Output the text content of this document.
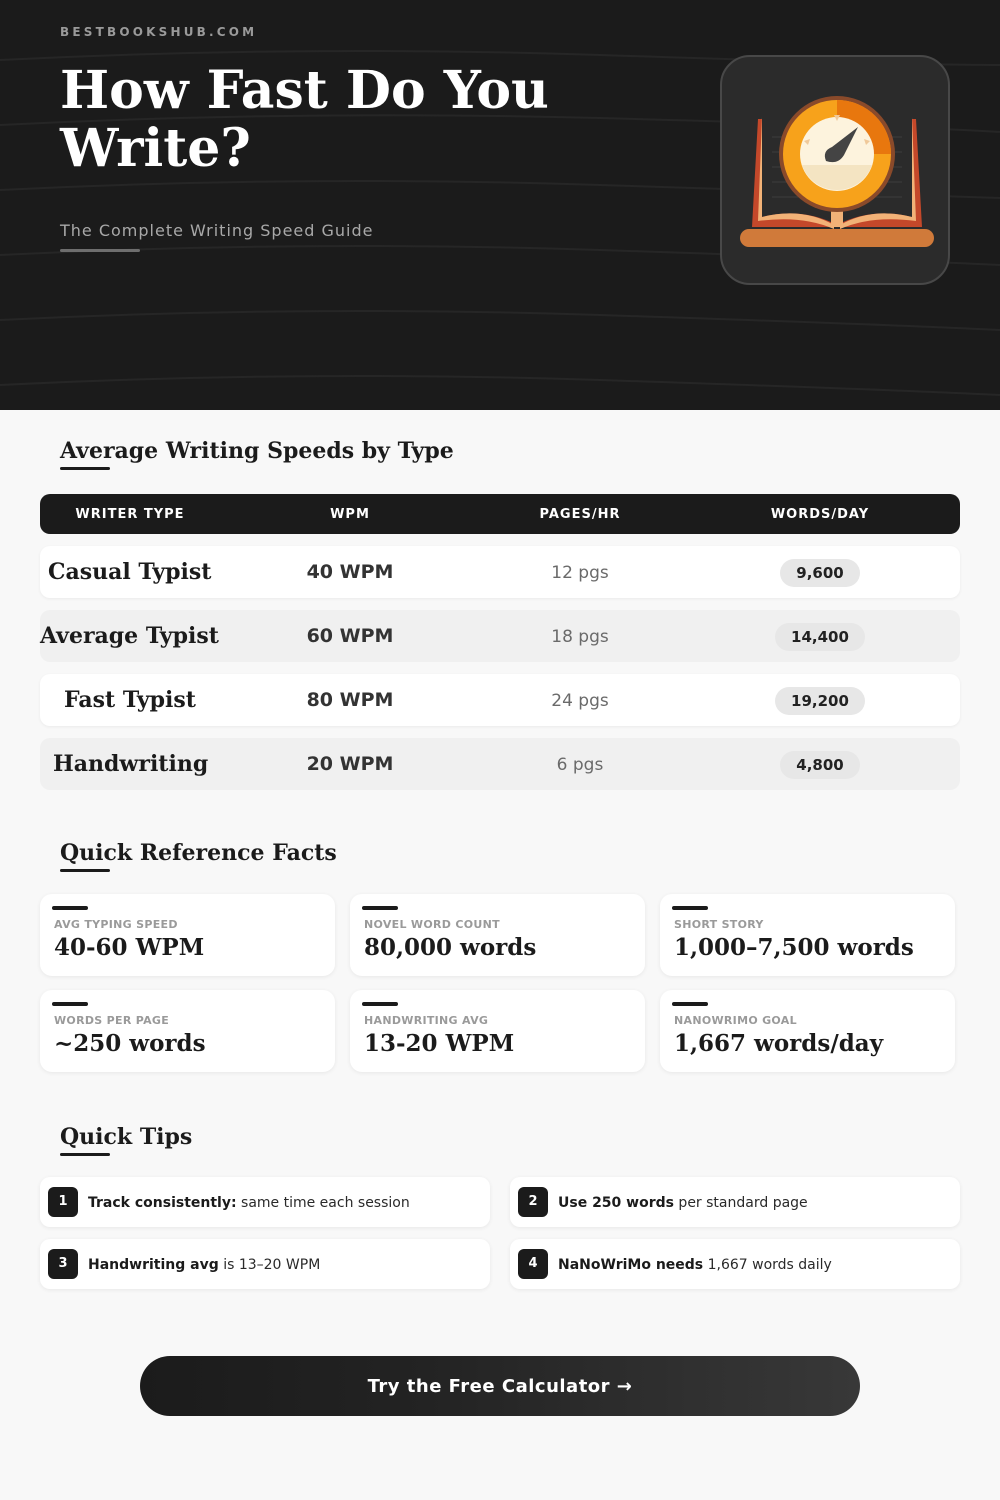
BESTBOOKSHUB.COM
How Fast Do You Write?
The Complete Writing Speed Guide
Average Writing Speeds by Type
WRITER TYPE	WPM	PAGES/HR	WORDS/DAY
Casual Typist	40 WPM	12 pgs	9,600
Average Typist	60 WPM	18 pgs	14,400
Fast Typist	80 WPM	24 pgs	19,200
Handwriting	20 WPM	6 pgs	4,800
Quick Reference Facts
AVG TYPING SPEED
40-60 WPM
NOVEL WORD COUNT
80,000 words
SHORT STORY
1,000–7,500 words
WORDS PER PAGE
~250 words
HANDWRITING AVG
13-20 WPM
NANOWRIMO GOAL
1,667 words/day
Quick Tips
1	Track consistently: same time each session	2	Use 250 words per standard page
3	Handwriting avg is 13–20 WPM	4	NaNoWriMo needs 1,667 words daily
Try the Free Calculator →
